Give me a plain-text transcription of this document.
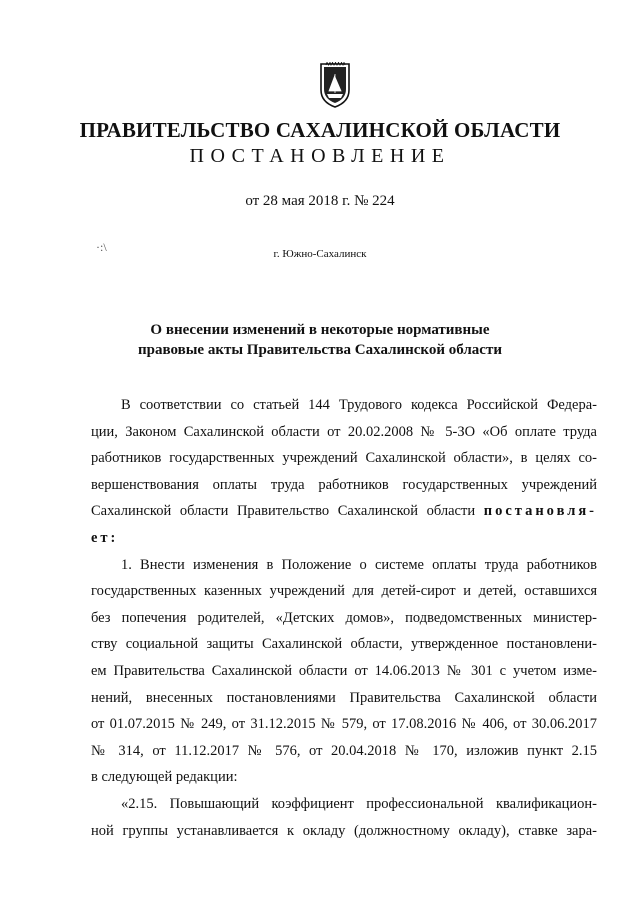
ПРАВИТЕЛЬСТВО САХАЛИНСКОЙ ОБЛАСТИ
ПОСТАНОВЛЕНИЕ
от 28 мая 2018 г. № 224
·:\	г. Южно-Сахалинск
О внесении изменений в некоторые нормативные
правовые акты Правительства Сахалинской области
В соответствии со статьей 144 Трудового кодекса Российской Федера-
ции, Законом Сахалинской области от 20.02.2008 № 5-ЗО «Об оплате труда
работников государственных учреждений Сахалинской области», в целях со-
вершенствования оплаты труда работников государственных учреждений
Сахалинской области Правительство Сахалинской области постановля-
ет:
1. Внести изменения в Положение о системе оплаты труда работников
государственных казенных учреждений для детей-сирот и детей, оставшихся
без попечения родителей, «Детских домов», подведомственных министер-
ству социальной защиты Сахалинской области, утвержденное постановлени-
ем Правительства Сахалинской области от 14.06.2013 № 301 с учетом изме-
нений, внесенных постановлениями Правительства Сахалинской области
от 01.07.2015 № 249, от 31.12.2015 № 579, от 17.08.2016 № 406, от 30.06.2017
№ 314, от 11.12.2017 № 576, от 20.04.2018 № 170, изложив пункт 2.15
в следующей редакции:
«2.15. Повышающий коэффициент профессиональной квалификацион-
ной группы устанавливается к окладу (должностному окладу), ставке зара-
